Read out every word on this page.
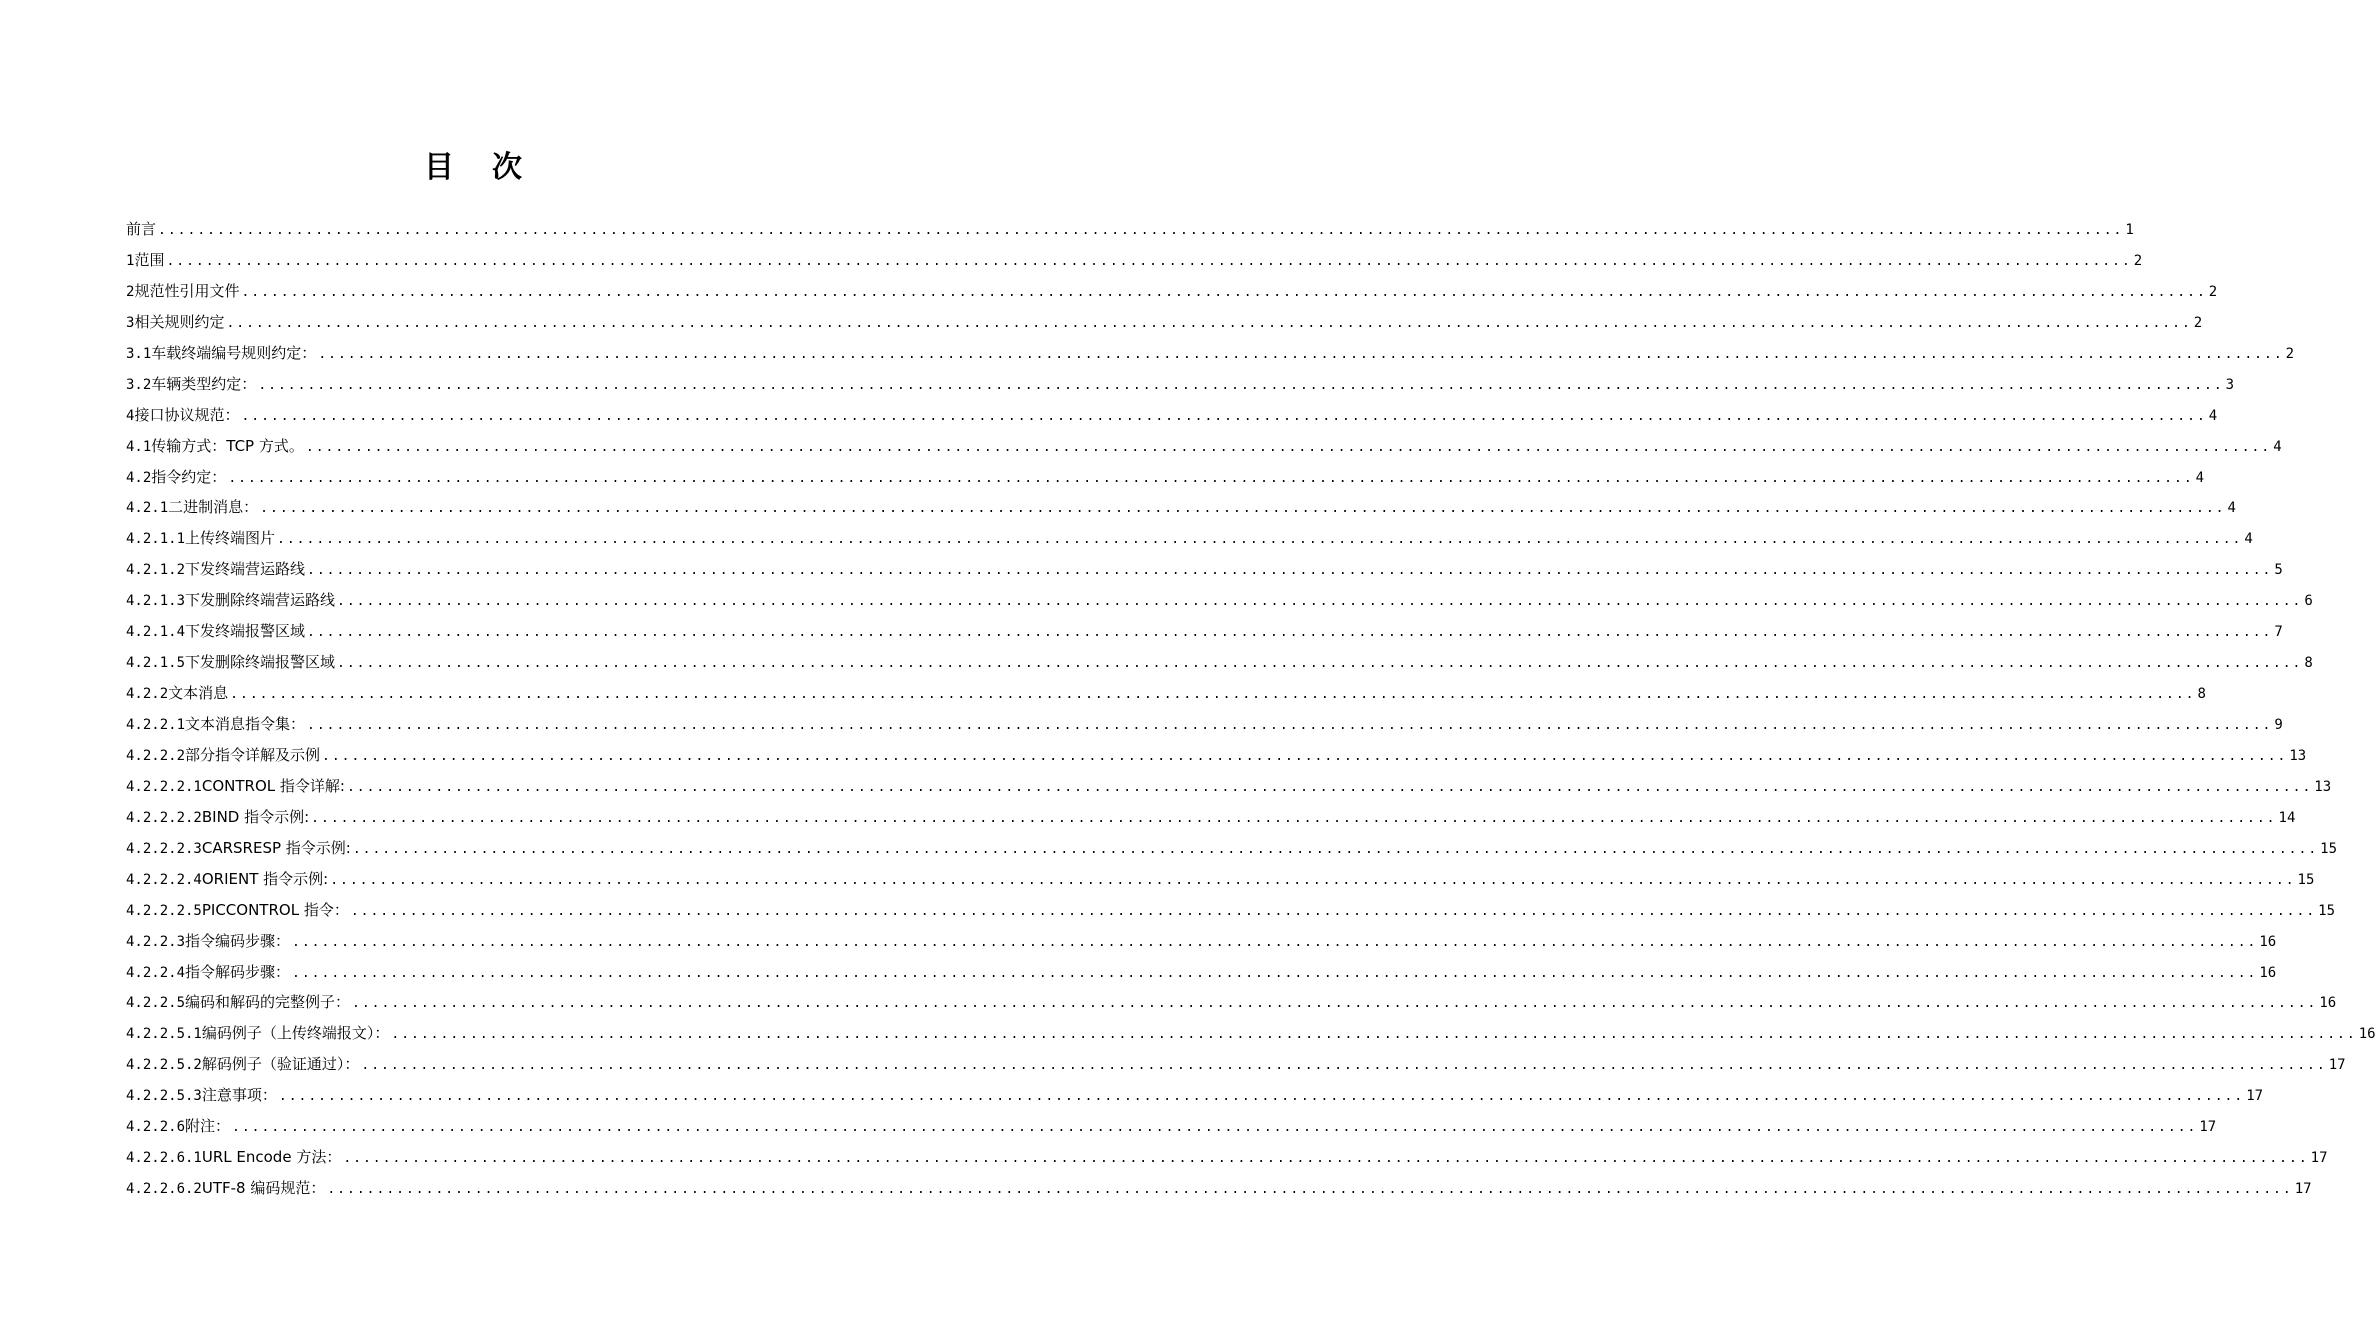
目 次
前 言 ........................................................................................................................................................................................................ 1
1 范围 ........................................................................................................................................................................................................ 2
2 规范性引用文件 ........................................................................................................................................................................................................ 2
3 相关规则约定 ........................................................................................................................................................................................................ 2
3.1 车载终端编号规则约定： ........................................................................................................................................................................................................ 2
3.2 车辆类型约定： ........................................................................................................................................................................................................ 3
4 接口协议规范： ........................................................................................................................................................................................................ 4
4.1 传输方式：TCP 方式。 ........................................................................................................................................................................................................ 4
4.2 指令约定： ........................................................................................................................................................................................................ 4
4.2.1 二进制消息： ........................................................................................................................................................................................................ 4
4.2.1.1 上传终端图片 ........................................................................................................................................................................................................ 4
4.2.1.2 下发终端营运路线 ........................................................................................................................................................................................................ 5
4.2.1.3 下发删除终端营运路线 ........................................................................................................................................................................................................ 6
4.2.1.4 下发终端报警区域 ........................................................................................................................................................................................................ 7
4.2.1.5 下发删除终端报警区域 ........................................................................................................................................................................................................ 8
4.2.2 文本消息 ........................................................................................................................................................................................................ 8
4.2.2.1 文本消息指令集： ........................................................................................................................................................................................................ 9
4.2.2.2 部分指令详解及示例 ........................................................................................................................................................................................................ 13
4.2.2.2.1 CONTROL 指令详解: ........................................................................................................................................................................................................ 13
4.2.2.2.2 BIND 指令示例: ........................................................................................................................................................................................................ 14
4.2.2.2.3 CARSRESP 指令示例: ........................................................................................................................................................................................................ 15
4.2.2.2.4 ORIENT 指令示例: ........................................................................................................................................................................................................ 15
4.2.2.2.5 PICCONTROL 指令： ........................................................................................................................................................................................................ 15
4.2.2.3 指令编码步骤： ........................................................................................................................................................................................................ 16
4.2.2.4 指令解码步骤： ........................................................................................................................................................................................................ 16
4.2.2.5 编码和解码的完整例子： ........................................................................................................................................................................................................ 16
4.2.2.5.1 编码例子（上传终端报文）： ........................................................................................................................................................................................................ 16
4.2.2.5.2 解码例子（验证通过）： ........................................................................................................................................................................................................ 17
4.2.2.5.3 注意事项： ........................................................................................................................................................................................................ 17
4.2.2.6 附注： ........................................................................................................................................................................................................ 17
4.2.2.6.1 URL Encode 方法： ........................................................................................................................................................................................................ 17
4.2.2.6.2 UTF-8 编码规范： ........................................................................................................................................................................................................ 17
